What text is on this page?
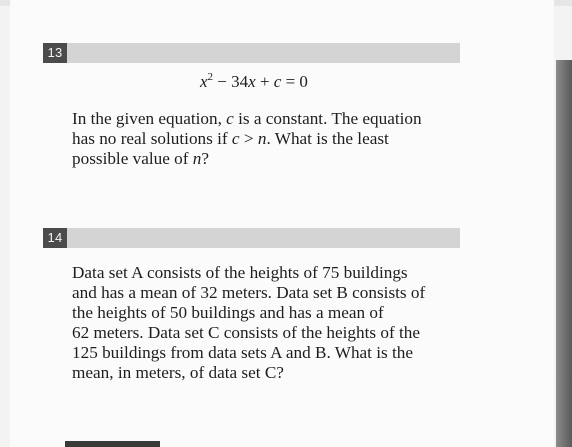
13
$x^2 - 34x + c = 0$
In the given equation, c is a constant. The equation
has no real solutions if c > n. What is the least
possible value of n?
14
Data set A consists of the heights of 75 buildings
and has a mean of 32 meters. Data set B consists of
the heights of 50 buildings and has a mean of
62 meters. Data set C consists of the heights of the
125 buildings from data sets A and B. What is the
mean, in meters, of data set C?
